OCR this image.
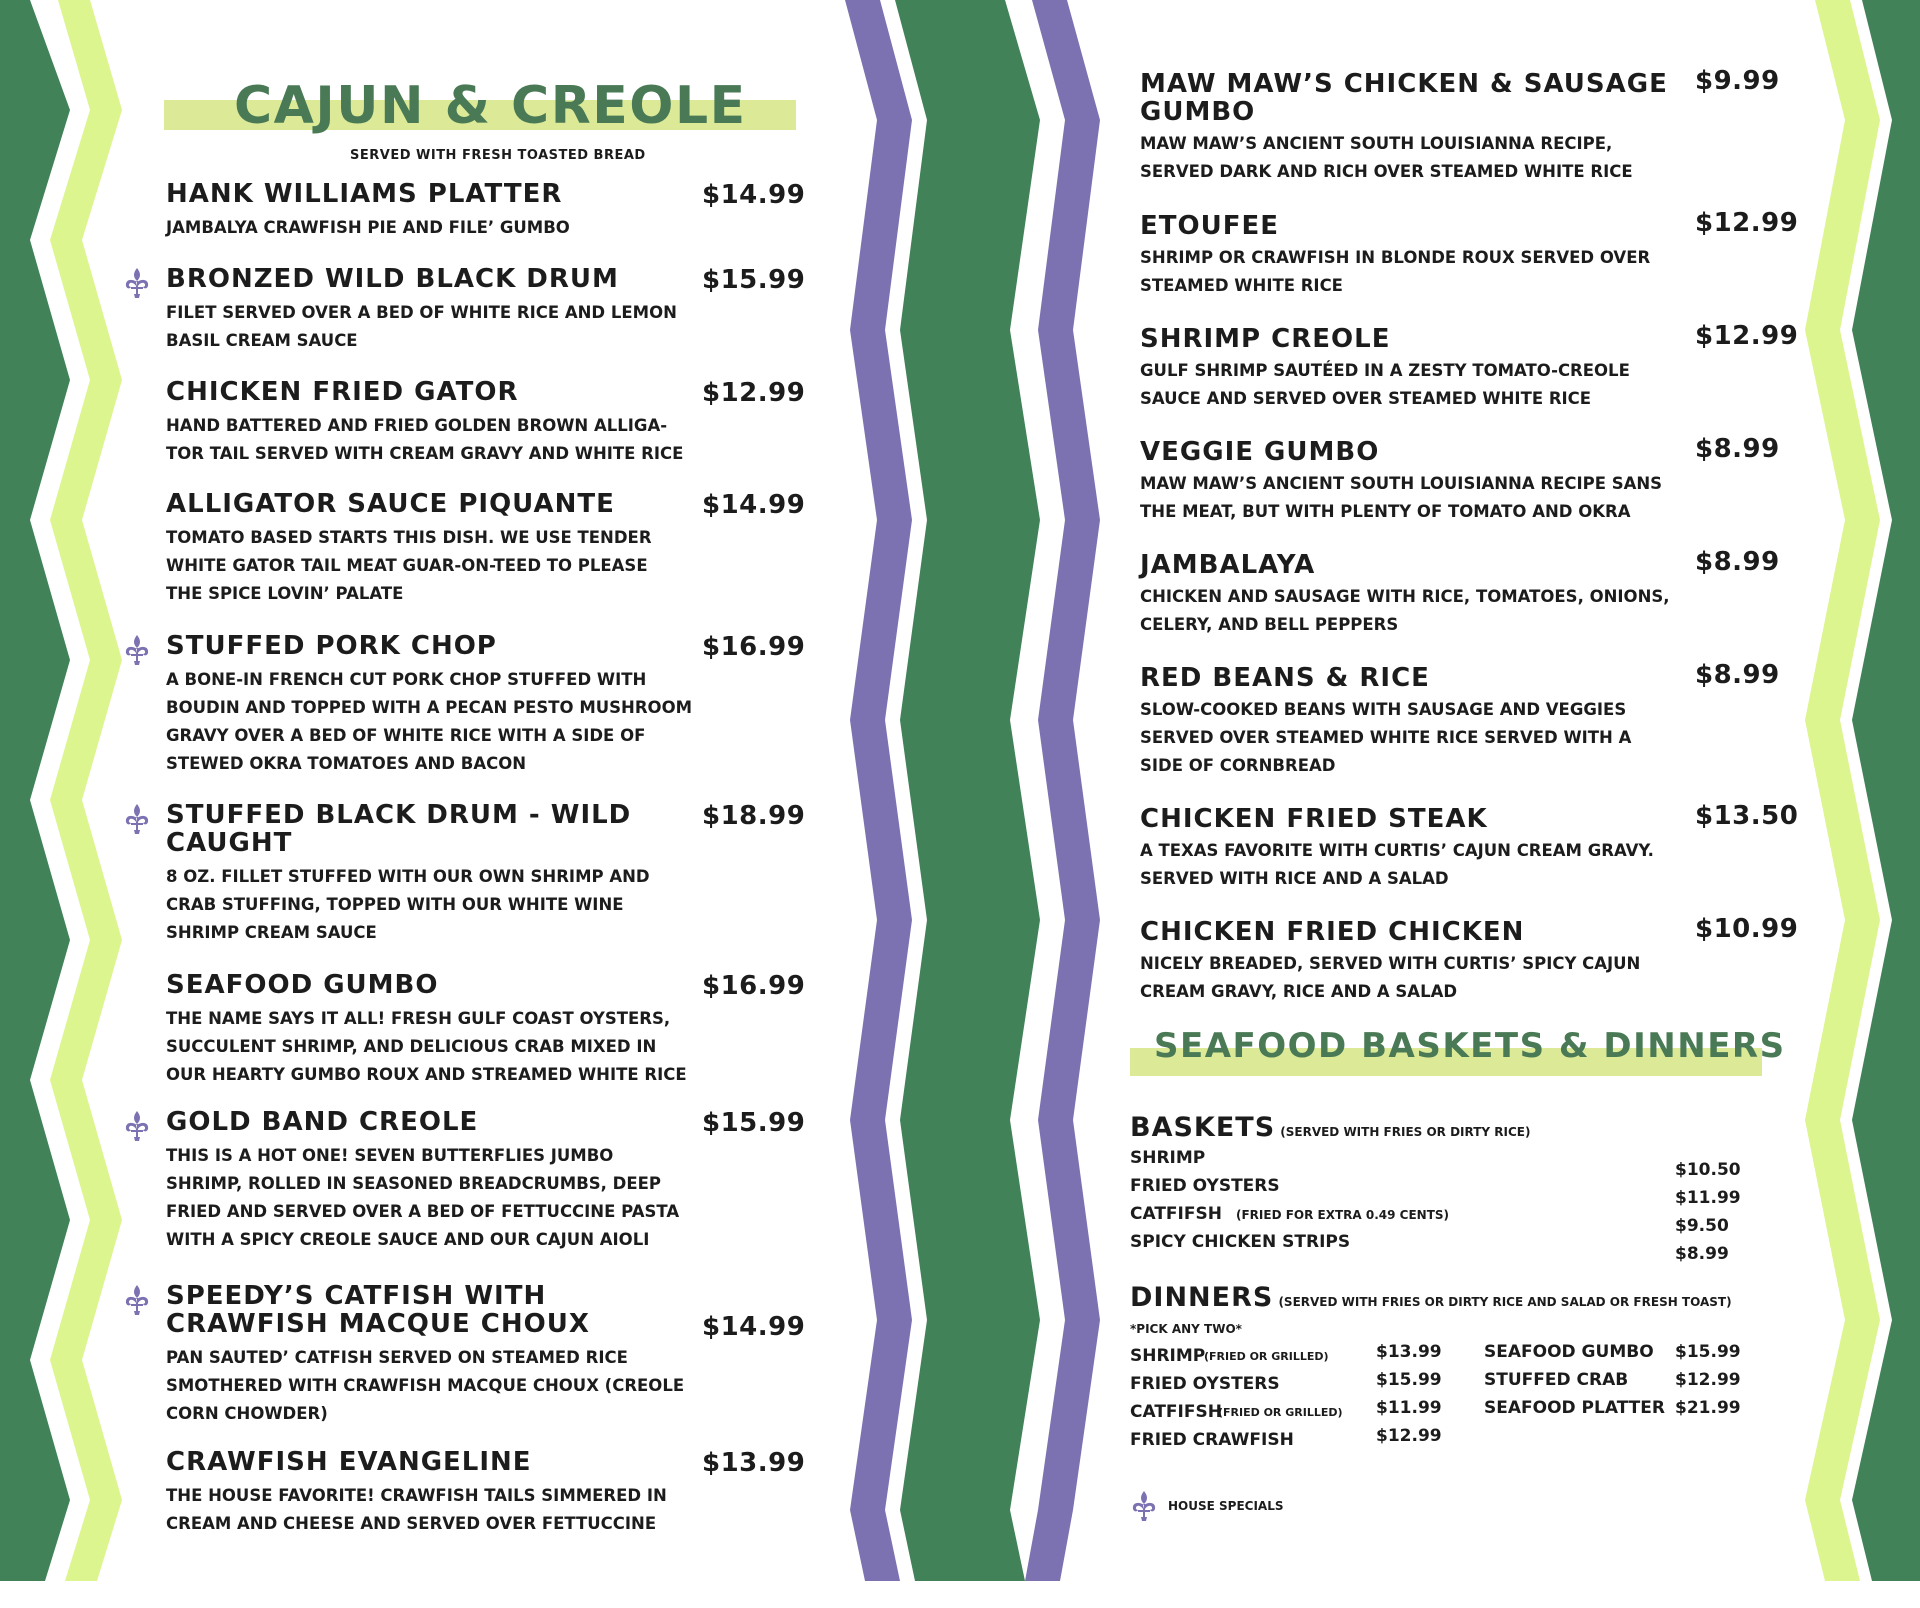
CAJUN & CREOLE
SERVED WITH FRESH TOASTED BREAD
HANK WILLIAMS PLATTER	$14.99
JAMBALYA CRAWFISH PIE AND FILE’ GUMBO
BRONZED WILD BLACK DRUM	$15.99
FILET SERVED OVER A BED OF WHITE RICE AND LEMON
BASIL CREAM SAUCE
CHICKEN FRIED GATOR	$12.99
HAND BATTERED AND FRIED GOLDEN BROWN ALLIGA-
TOR TAIL SERVED WITH CREAM GRAVY AND WHITE RICE
ALLIGATOR SAUCE PIQUANTE	$14.99
TOMATO BASED STARTS THIS DISH. WE USE TENDER
WHITE GATOR TAIL MEAT GUAR-ON-TEED TO PLEASE
THE SPICE LOVIN’ PALATE
STUFFED PORK CHOP	$16.99
A BONE-IN FRENCH CUT PORK CHOP STUFFED WITH
BOUDIN AND TOPPED WITH A PECAN PESTO MUSHROOM
GRAVY OVER A BED OF WHITE RICE WITH A SIDE OF
STEWED OKRA TOMATOES AND BACON
STUFFED BLACK DRUM - WILD
CAUGHT
$18.99
8 OZ. FILLET STUFFED WITH OUR OWN SHRIMP AND
CRAB STUFFING, TOPPED WITH OUR WHITE WINE
SHRIMP CREAM SAUCE
SEAFOOD GUMBO	$16.99
THE NAME SAYS IT ALL! FRESH GULF COAST OYSTERS,
SUCCULENT SHRIMP, AND DELICIOUS CRAB MIXED IN
OUR HEARTY GUMBO ROUX AND STREAMED WHITE RICE
GOLD BAND CREOLE	$15.99
THIS IS A HOT ONE! SEVEN BUTTERFLIES JUMBO
SHRIMP, ROLLED IN SEASONED BREADCRUMBS, DEEP
FRIED AND SERVED OVER A BED OF FETTUCCINE PASTA
WITH A SPICY CREOLE SAUCE AND OUR CAJUN AIOLI
SPEEDY’S CATFISH WITH
CRAWFISH MACQUE CHOUX	$14.99
PAN SAUTED’ CATFISH SERVED ON STEAMED RICE
SMOTHERED WITH CRAWFISH MACQUE CHOUX (CREOLE
CORN CHOWDER)
CRAWFISH EVANGELINE	$13.99
THE HOUSE FAVORITE! CRAWFISH TAILS SIMMERED IN
CREAM AND CHEESE AND SERVED OVER FETTUCCINE
MAW MAW’S CHICKEN & SAUSAGE
GUMBO
$9.99
MAW MAW’S ANCIENT SOUTH LOUISIANNA RECIPE,
SERVED DARK AND RICH OVER STEAMED WHITE RICE
ETOUFEE	$12.99
SHRIMP OR CRAWFISH IN BLONDE ROUX SERVED OVER
STEAMED WHITE RICE
SHRIMP CREOLE	$12.99
GULF SHRIMP SAUTÉED IN A ZESTY TOMATO-CREOLE
SAUCE AND SERVED OVER STEAMED WHITE RICE
VEGGIE GUMBO	$8.99
MAW MAW’S ANCIENT SOUTH LOUISIANNA RECIPE SANS
THE MEAT, BUT WITH PLENTY OF TOMATO AND OKRA
JAMBALAYA	$8.99
CHICKEN AND SAUSAGE WITH RICE, TOMATOES, ONIONS,
CELERY, AND BELL PEPPERS
RED BEANS & RICE	$8.99
SLOW-COOKED BEANS WITH SAUSAGE AND VEGGIES
SERVED OVER STEAMED WHITE RICE SERVED WITH A
SIDE OF CORNBREAD
CHICKEN FRIED STEAK	$13.50
A TEXAS FAVORITE WITH CURTIS’ CAJUN CREAM GRAVY.
SERVED WITH RICE AND A SALAD
CHICKEN FRIED CHICKEN	$10.99
NICELY BREADED, SERVED WITH CURTIS’ SPICY CAJUN
CREAM GRAVY, RICE AND A SALAD
SEAFOOD BASKETS & DINNERS
BASKETS (SERVED WITH FRIES OR DIRTY RICE)
SHRIMP
$10.50
FRIED OYSTERS
$11.99
CATFIFSH (FRIED FOR EXTRA 0.49 CENTS)
$9.50
SPICY CHICKEN STRIPS
$8.99
DINNERS (SERVED WITH FRIES OR DIRTY RICE AND SALAD OR FRESH TOAST)
*PICK ANY TWO*
SHRIMP
(FRIED OR GRILLED)	$13.99
FRIED OYSTERS	$15.99
CATFIFSH
(FRIED OR GRILLED) $11.99
FRIED CRAWFISH	$12.99
SEAFOOD GUMBO $15.99
STUFFED CRAB	$12.99
SEAFOOD PLATTER $21.99
HOUSE SPECIALS
